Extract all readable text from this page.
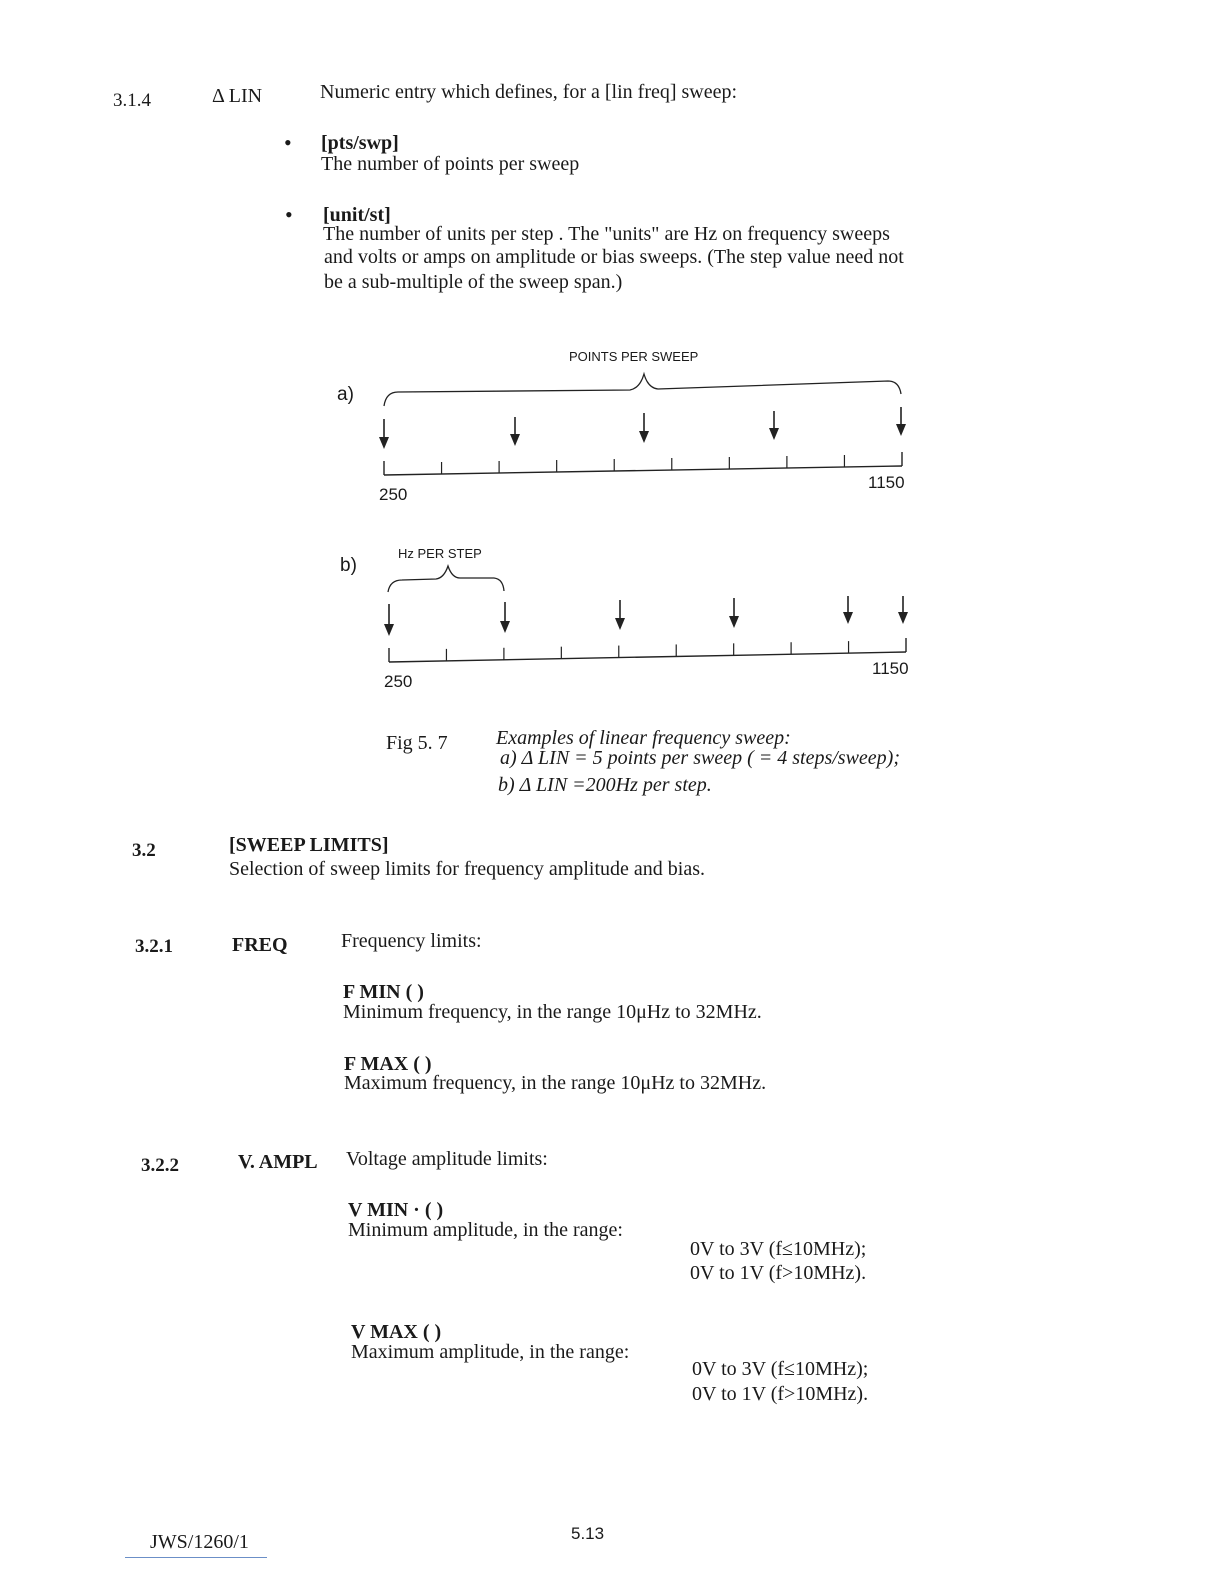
3.1.4	Δ LIN	Numeric entry which defines, for a [lin freq] sweep:
• [pts/swp]
The number of points per sweep
• [unit/st]
The number of units per step . The "units" are Hz on frequency sweeps
and volts or amps on amplitude or bias sweeps. (The step value need not
be a sub-multiple of the sweep span.)
a)
POINTS PER SWEEP
250
1150
b)
Hz PER STEP
250
1150
Fig 5. 7 Examples of linear frequency sweep:
a) Δ LIN = 5 points per sweep ( = 4 steps/sweep);
b) Δ LIN =200Hz per step.
3.2	[SWEEP LIMITS]
Selection of sweep limits for frequency amplitude and bias.
3.2.1	FREQ	Frequency limits:
F MIN ( )
Minimum frequency, in the range 10μHz to 32MHz.
F MAX ( )
Maximum frequency, in the range 10μHz to 32MHz.
3.2.2	V. AMPL Voltage amplitude limits:
V MIN · ( )
Minimum amplitude, in the range:
0V to 3V (f≤10MHz);
0V to 1V (f>10MHz).
V MAX ( )
Maximum amplitude, in the range:
0V to 3V (f≤10MHz);
0V to 1V (f>10MHz).
JWS/1260/1	5.13
